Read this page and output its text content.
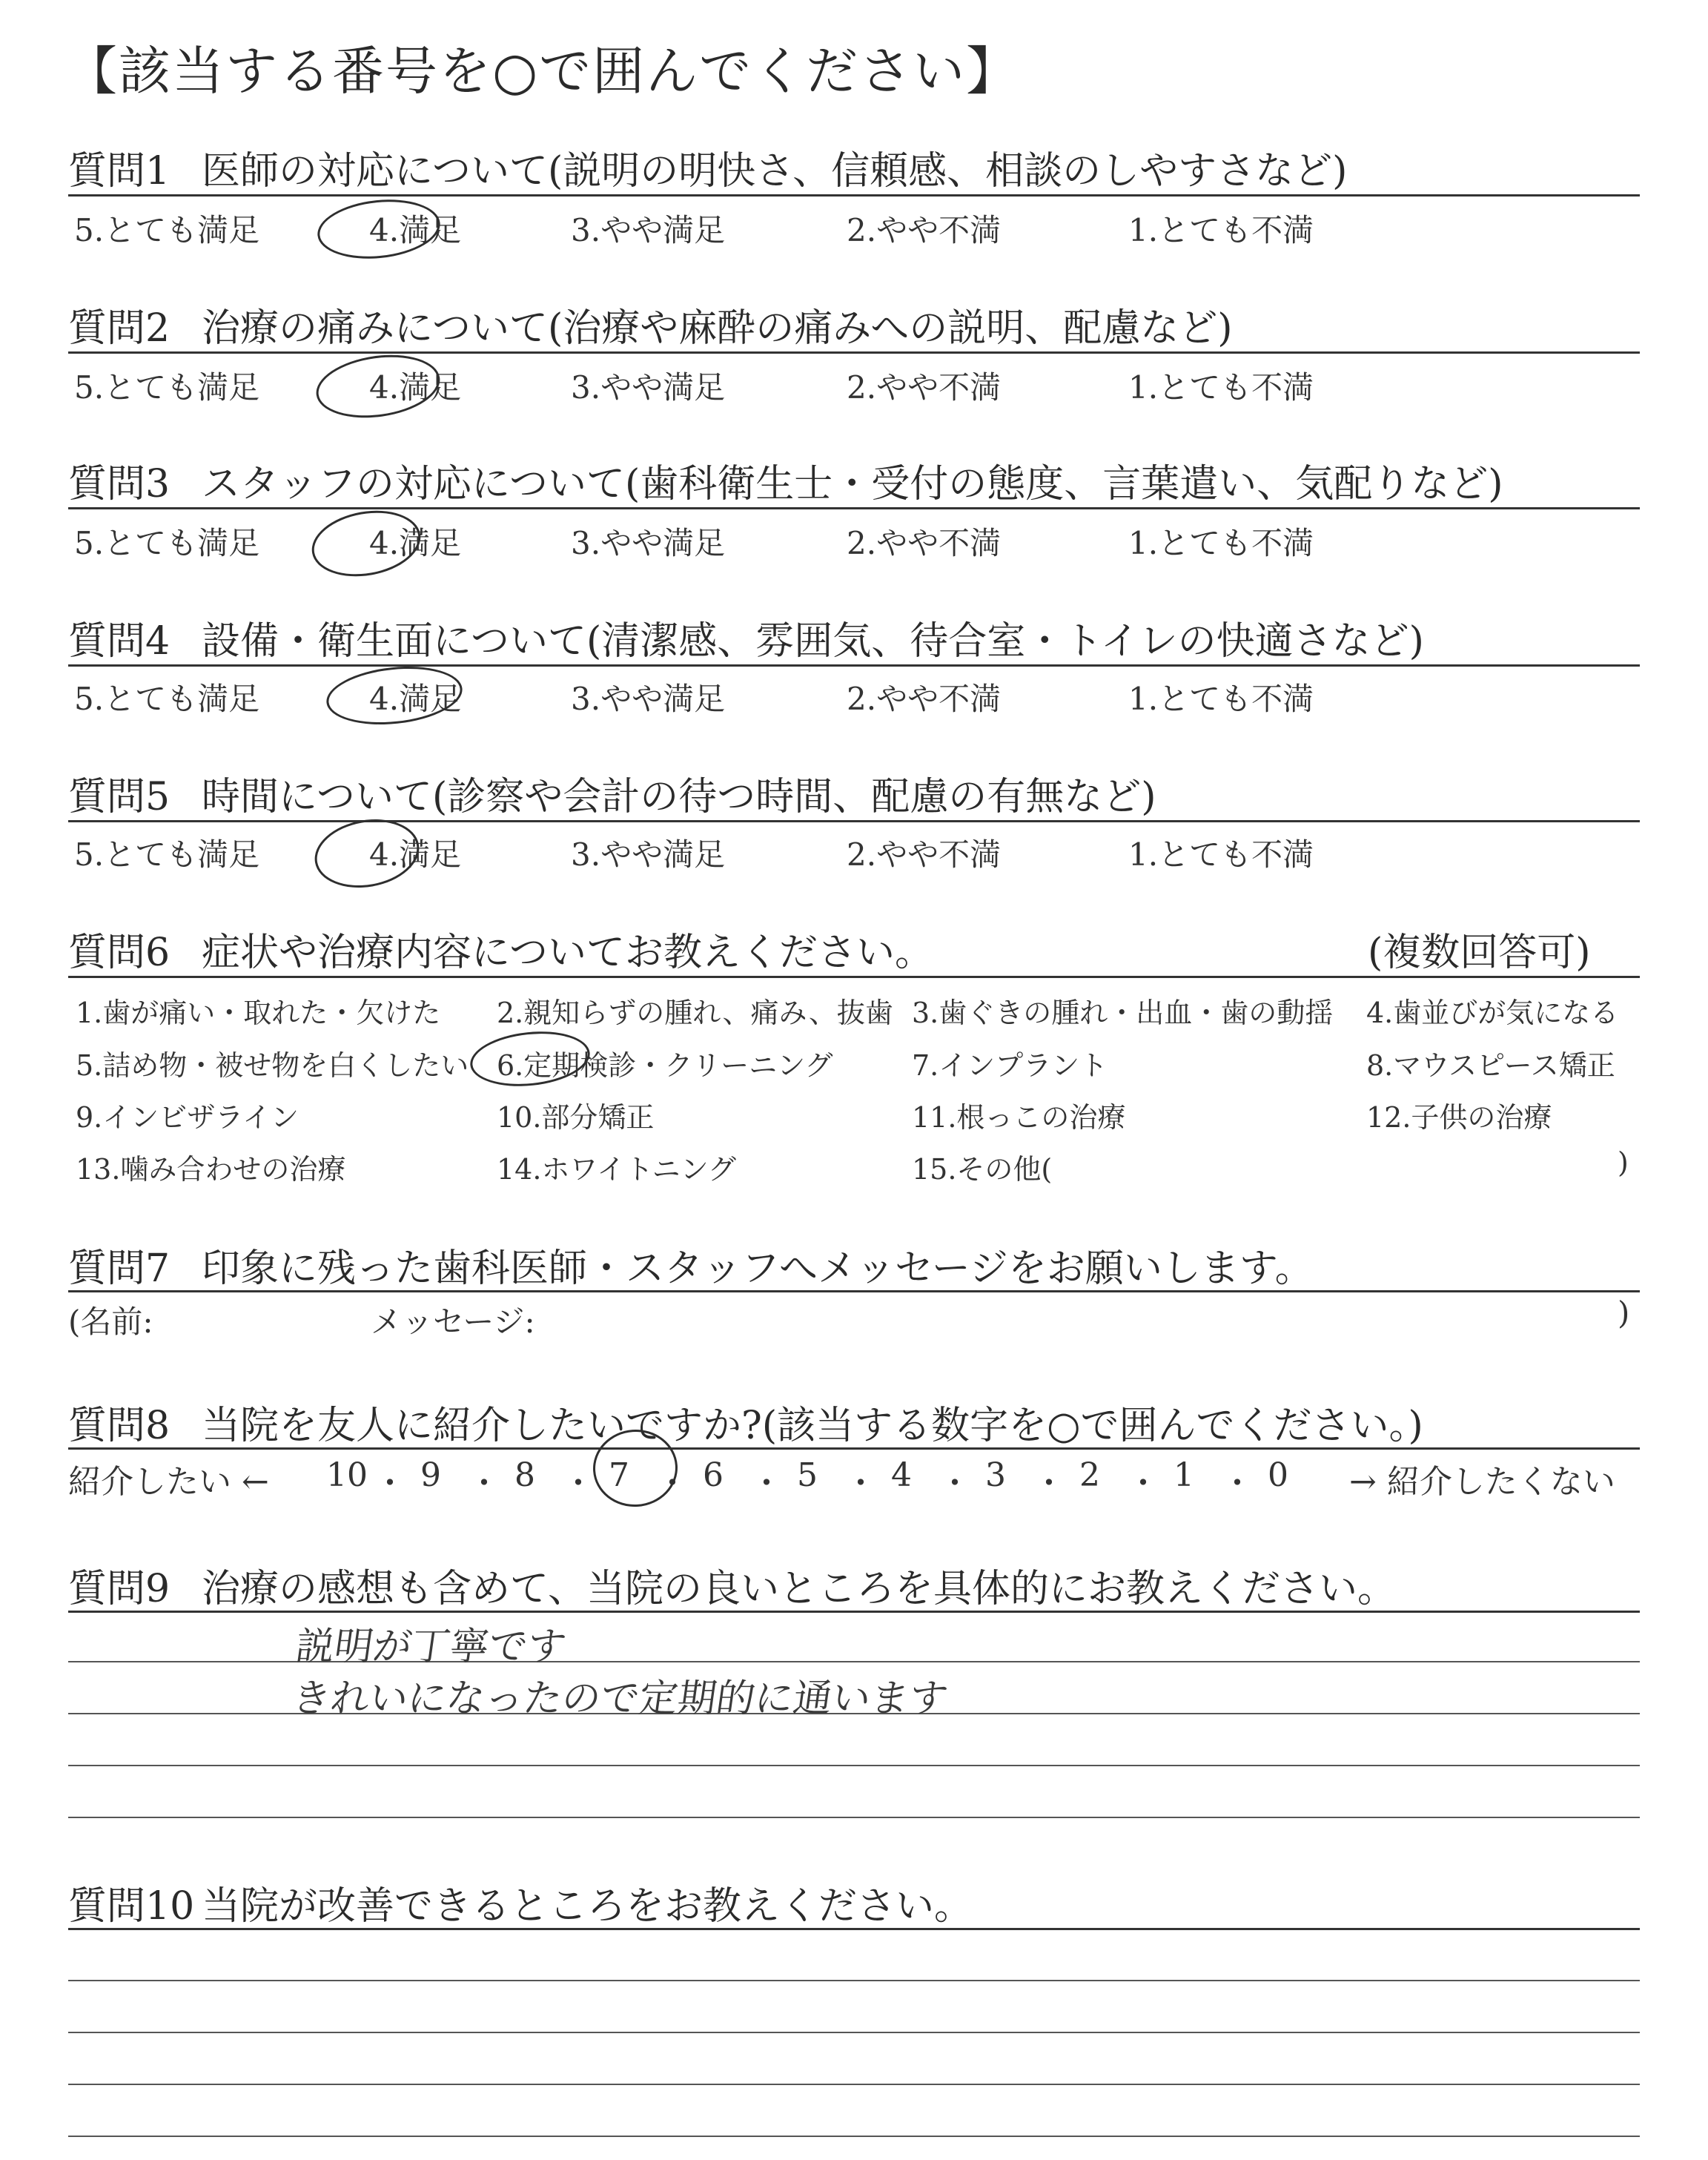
【該当する番号を○で囲んでください】
質問1 医師の対応について(説明の明快さ、信頼感、相談のしやすさなど)
5.とても満足	4.満足	3.やや満足	2.やや不満	1.とても不満
質問2 治療の痛みについて(治療や麻酔の痛みへの説明、配慮など)
5.とても満足	4.満足	3.やや満足	2.やや不満	1.とても不満
質問3 スタッフの対応について(歯科衛生士・受付の態度、言葉遣い、気配りなど)
5.とても満足	4.満足	3.やや満足	2.やや不満	1.とても不満
質問4 設備・衛生面について(清潔感、雰囲気、待合室・トイレの快適さなど)
5.とても満足	4.満足	3.やや満足	2.やや不満	1.とても不満
質問5 時間について(診察や会計の待つ時間、配慮の有無など)
5.とても満足	4.満足	3.やや満足	2.やや不満	1.とても不満
質問6 症状や治療内容についてお教えください。	(複数回答可)
1.歯が痛い・取れた・欠けた 2.親知らずの腫れ、痛み、抜歯 3.歯ぐきの腫れ・出血・歯の動揺 4.歯並びが気になる
5.詰め物・被せ物を白くしたい 6.定期検診・クリーニング	7.インプラント	8.マウスピース矯正
9.インビザライン	10.部分矯正	11.根っこの治療	12.子供の治療
13.噛み合わせの治療	14.ホワイトニング	15.その他(	)
質問7 印象に残った歯科医師・スタッフへメッセージをお願いします。
(名前:	メッセージ:	)
質問8 当院を友人に紹介したいですか?(該当する数字を○で囲んでください。)
紹介したい ←	→ 紹介したくない
10 ・ 9 ・ 8 ・ 7 ・ 6 ・ 5 ・ 4 ・ 3 ・ 2 ・ 1 ・ 0
質問9 治療の感想も含めて、当院の良いところを具体的にお教えください。
説明が丁寧です
きれいになったので定期的に通います
質問10 当院が改善できるところをお教えください。
